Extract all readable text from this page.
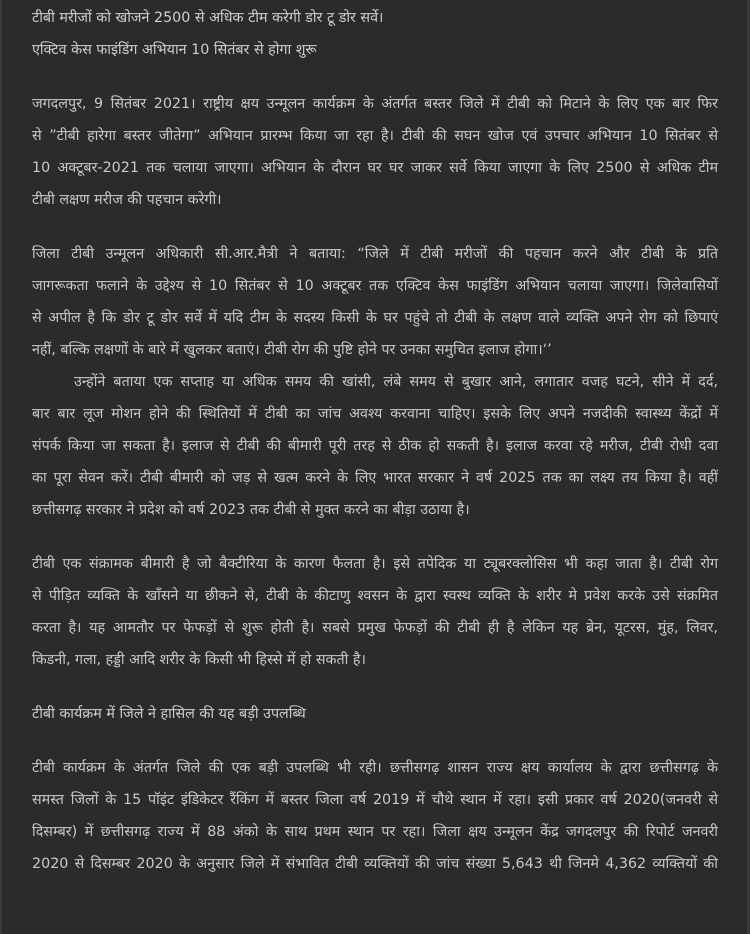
टीबी मरीजों को खोजने 2500 से अधिक टीम करेगी डोर टू डोर सर्वे।
एक्टिव केस फाइंडिंग अभियान 10 सितंबर से होगा शुरू
जगदलपुर, 9 सितंबर 2021। राष्ट्रीय क्षय उन्मूलन कार्यक्रम के अंतर्गत बस्तर जिले में टीबी को मिटाने के लिए एक बार फिर
से ”टीबी हारेगा बस्तर जीतेगा” अभियान प्रारम्भ किया जा रहा है। टीबी की सघन खोज एवं उपचार अभियान 10 सितंबर से
10 अक्टूबर-2021 तक चलाया जाएगा। अभियान के दौरान घर घर जाकर सर्वे किया जाएगा के लिए 2500 से अधिक टीम
टीबी लक्षण मरीज की पहचान करेगी।
जिला टीबी उन्मूलन अधिकारी सी.आर.मैत्री ने बताया: “जिले में टीबी मरीजों की पहचान करने और टीबी के प्रति
जागरूकता फलाने के उद्देश्य से 10 सितंबर से 10 अक्टूबर तक एक्टिव केस फाइंडिंग अभियान चलाया जाएगा। जिलेवासियों
से अपील है कि डोर टू डोर सर्वे में यदि टीम के सदस्य किसी के घर पहुंचे तो टीबी के लक्षण वाले व्यक्ति अपने रोग को छिपाएं
नहीं, बल्कि लक्षणों के बारे में खुलकर बताएं। टीबी रोग की पुष्टि होने पर उनका समुचित इलाज होगा।‘’
उन्होंने बताया एक सप्ताह या अधिक समय की खांसी, लंबे समय से बुखार आने, लगातार वजह घटने, सीने में दर्द,
बार बार लूज मोशन होने की स्थितियों में टीबी का जांच अवश्य करवाना चाहिए। इसके लिए अपने नजदीकी स्वास्थ्य केंद्रों में
संपर्क किया जा सकता है। इलाज से टीबी की बीमारी पूरी तरह से ठीक हो सकती है। इलाज करवा रहे मरीज, टीबी रोधी दवा
का पूरा सेवन करें। टीबी बीमारी को जड़ से खत्म करने के लिए भारत सरकार ने वर्ष 2025 तक का लक्ष्य तय किया है। वहीं
छत्तीसगढ़ सरकार ने प्रदेश को वर्ष 2023 तक टीबी से मुक्त करने का बीड़ा उठाया है।
टीबी एक संक्रामक बीमारी है जो बैक्टीरिया के कारण फैलता है। इसे तपेदिक या ट्यूबरक्लोसिस भी कहा जाता है। टीबी रोग
से पीड़ित व्यक्ति के खाँसने या छीकने से, टीबी के कीटाणु श्वसन के द्वारा स्वस्थ व्यक्ति के शरीर मे प्रवेश करके उसे संक्रमित
करता है। यह आमतौर पर फेफड़ों से शुरू होती है। सबसे प्रमुख फेफड़ों की टीबी ही है लेकिन यह ब्रेन, यूटरस, मुंह, लिवर,
किडनी, गला, हड्डी आदि शरीर के किसी भी हिस्से में हो सकती है।
टीबी कार्यक्रम में जिले ने हासिल की यह बड़ी उपलब्धि
टीबी कार्यक्रम के अंतर्गत जिले की एक बड़ी उपलब्धि भी रही। छत्तीसगढ़ शासन राज्य क्षय कार्यालय के द्वारा छत्तीसगढ़ के
समस्त जिलों के 15 पॉइंट इंडिकेटर रैंकिंग में बस्तर जिला वर्ष 2019 में चौथे स्थान में रहा। इसी प्रकार वर्ष 2020(जनवरी से
दिसम्बर) में छत्तीसगढ़ राज्य में 88 अंको के साथ प्रथम स्थान पर रहा। जिला क्षय उन्मूलन केंद्र जगदलपुर की रिपोर्ट जनवरी
2020 से दिसम्बर 2020 के अनुसार जिले में संभावित टीबी व्यक्तियों की जांच संख्या 5,643 थी जिनमे 4,362 व्यक्तियों की
